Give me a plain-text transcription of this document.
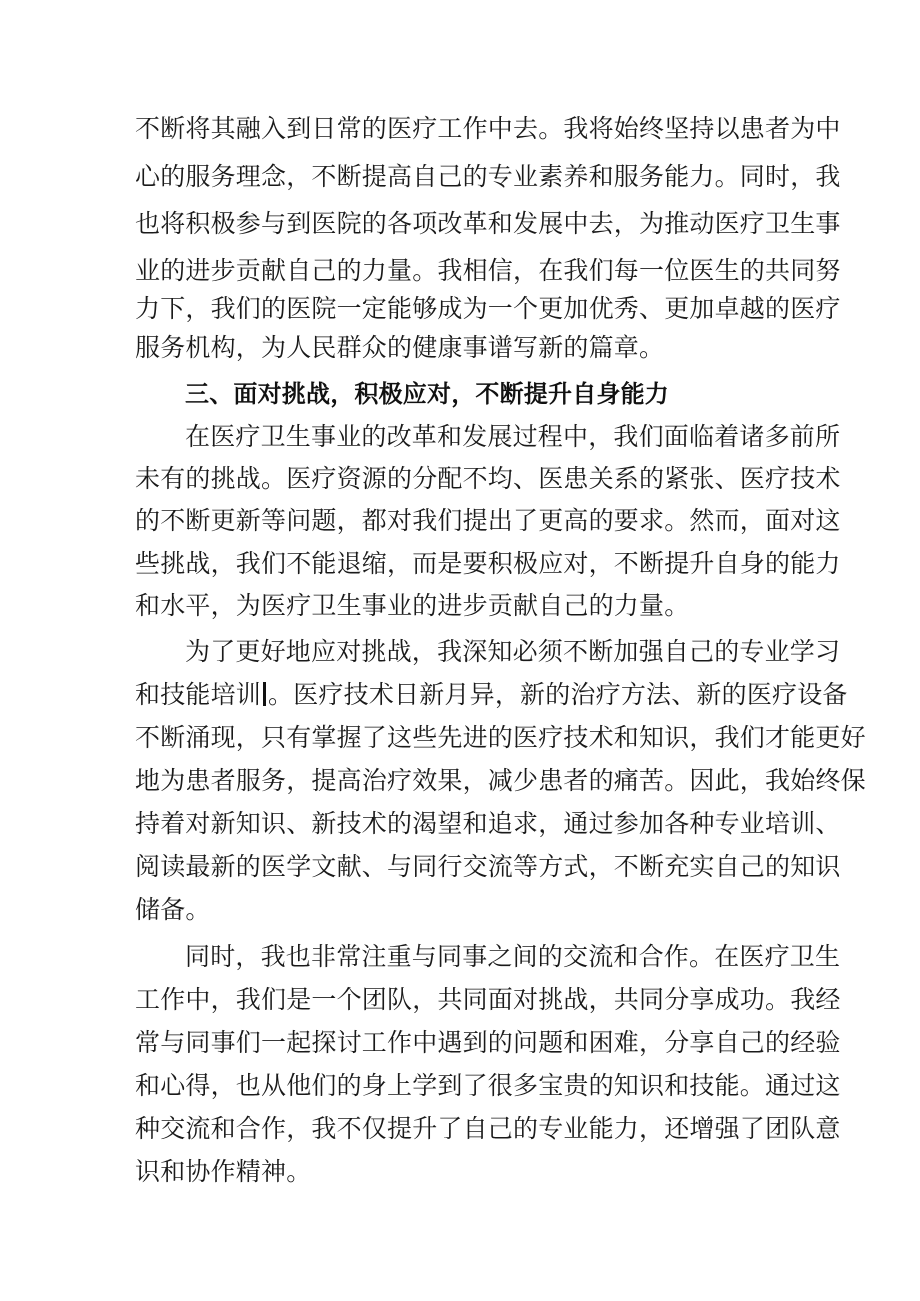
不断将其融入到日常的医疗工作中去。我将始终坚持以患者为中

心的服务理念，不断提高自己的专业素养和服务能力。同时，我

也将积极参与到医院的各项改革和发展中去，为推动医疗卫生事

业的进步贡献自己的力量。我相信，在我们每一位医生的共同努

力下，我们的医院一定能够成为一个更加优秀、更加卓越的医疗

服务机构，为人民群众的健康事谱写新的篇章。

三、面对挑战，积极应对，不断提升自身能力

在医疗卫生事业的改革和发展过程中，我们面临着诸多前所

未有的挑战。医疗资源的分配不均、医患关系的紧张、医疗技术

的不断更新等问题，都对我们提出了更高的要求。然而，面对这

些挑战，我们不能退缩，而是要积极应对，不断提升自身的能力

和水平，为医疗卫生事业的进步贡献自己的力量。

为了更好地应对挑战，我深知必须不断加强自己的专业学习

和技能培训 。医疗技术日新月异，新的治疗方法、新的医疗设备

不断涌现，只有掌握了这些先进的医疗技术和知识，我们才能更好

地为患者服务，提高治疗效果，减少患者的痛苦。因此，我始终保

持着对新知识、新技术的渴望和追求，通过参加各种专业培训、

阅读最新的医学文献、与同行交流等方式，不断充实自己的知识

储备。

同时，我也非常注重与同事之间的交流和合作。在医疗卫生

工作中，我们是一个团队，共同面对挑战，共同分享成功。我经

常与同事们一起探讨工作中遇到的问题和困难，分享自己的经验

和心得，也从他们的身上学到了很多宝贵的知识和技能。通过这

种交流和合作，我不仅提升了自己的专业能力，还增强了团队意

识和协作精神。
